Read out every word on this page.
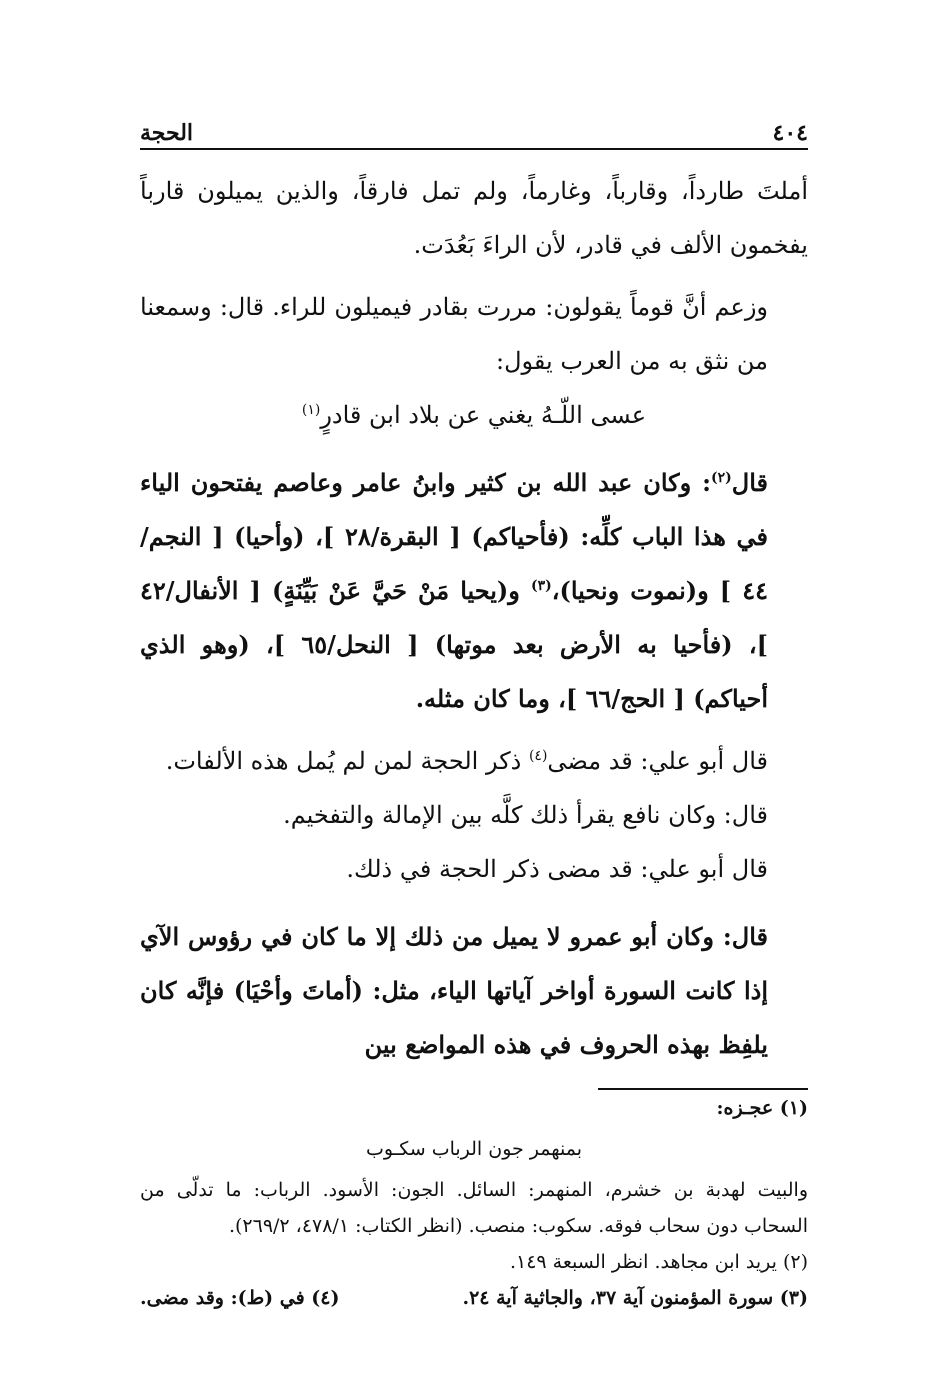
٤٠٤
الحجة

أملتَ طارداً، وقارباً، وغارماً، ولم تمل فارقاً، والذين يميلون قارباً يفخمون الألف في قادر، لأن الراءَ بَعُدَت.

وزعم أنَّ قوماً يقولون: مررت بقادر فيميلون للراء. قال: وسمعنا من نثق به من العرب يقول:

عسى اللّـهُ يغني عن بلاد ابن قادرٍ$^{(١)}$

قال$^{(٢)}$: وكان عبد الله بن كثير وابنُ عامر وعاصم يفتحون الياء في هذا الباب كلِّه: (فأحياكم) [ البقرة/٢٨ ]، (وأحيا) [ النجم/٤٤ ] و(نموت ونحيا)،$^{(٣)}$ و(يحيا مَنْ حَيَّ عَنْ بَيِّنَةٍ) [ الأنفال/٤٢ ]، (فأحيا به الأرض بعد موتها) [ النحل/٦٥ ]، (وهو الذي أحياكم) [ الحج/٦٦ ]، وما كان مثله.

قال أبو علي: قد مضى$^{(٤)}$ ذكر الحجة لمن لم يُمل هذه الألفات.

قال: وكان نافع يقرأ ذلك كلَّه بين الإمالة والتفخيم.

قال أبو علي: قد مضى ذكر الحجة في ذلك.

قال: وكان أبو عمرو لا يميل من ذلك إلا ما كان في رؤوس الآي إذا كانت السورة أواخر آياتها الياء، مثل: (أماتَ وأحْيَا) فإنَّه كان يلفِظ بهذه الحروف في هذه المواضع بين

(١) عجـزه:

بمنهمر جون الرباب سكـوب

والبيت لهدبة بن خشرم، المنهمر: السائل. الجون: الأسود. الرباب: ما تدلّى من السحاب دون سحاب فوقه. سكوب: منصب. (انظر الكتاب: ٤٧٨/١، ٢٦٩/٢).

(٢) يريد ابن مجاهد. انظر السبعة ١٤٩.

(٣) سورة المؤمنون آية ٣٧، والجاثية آية ٢٤.
(٤) في (ط): وقد مضى.
